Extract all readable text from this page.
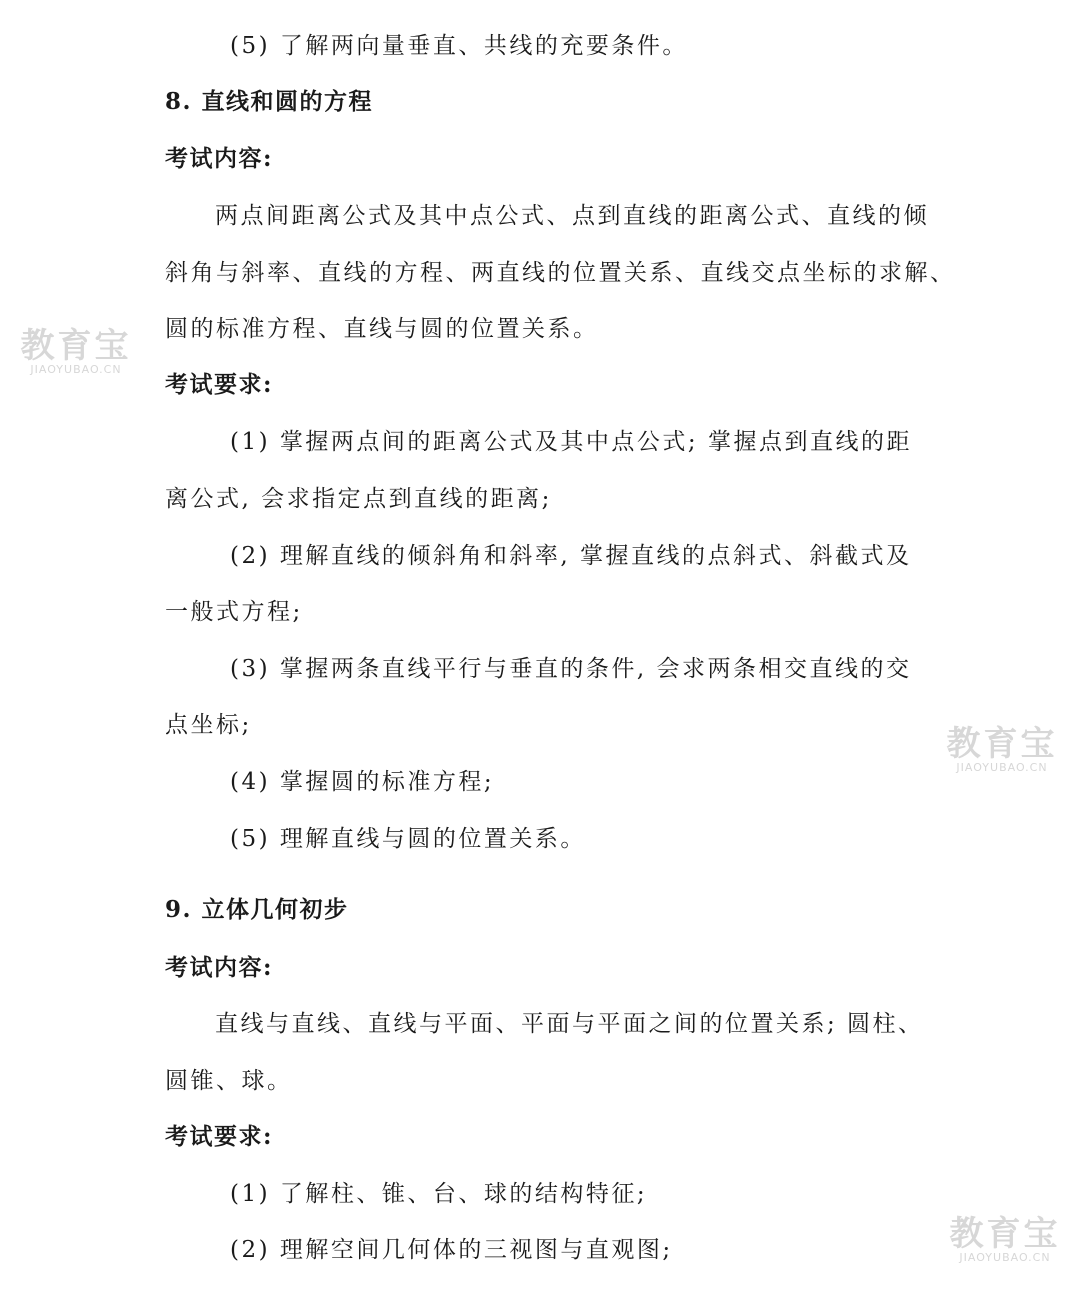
(5) 了解两向量垂直、共线的充要条件。
8. 直线和圆的方程
考试内容:
两点间距离公式及其中点公式、点到直线的距离公式、直线的倾
斜角与斜率、直线的方程、两直线的位置关系、直线交点坐标的求解、
圆的标准方程、直线与圆的位置关系。
考试要求:
(1) 掌握两点间的距离公式及其中点公式; 掌握点到直线的距
离公式, 会求指定点到直线的距离;
(2) 理解直线的倾斜角和斜率, 掌握直线的点斜式、斜截式及
一般式方程;
(3) 掌握两条直线平行与垂直的条件, 会求两条相交直线的交
点坐标;
(4) 掌握圆的标准方程;
(5) 理解直线与圆的位置关系。
9. 立体几何初步
考试内容:
直线与直线、直线与平面、平面与平面之间的位置关系; 圆柱、
圆锥、球。
考试要求:
(1) 了解柱、锥、台、球的结构特征;
(2) 理解空间几何体的三视图与直观图;
教育宝
JIAOYUBAO.CN
教育宝
JIAOYUBAO.CN
教育宝
JIAOYUBAO.CN
